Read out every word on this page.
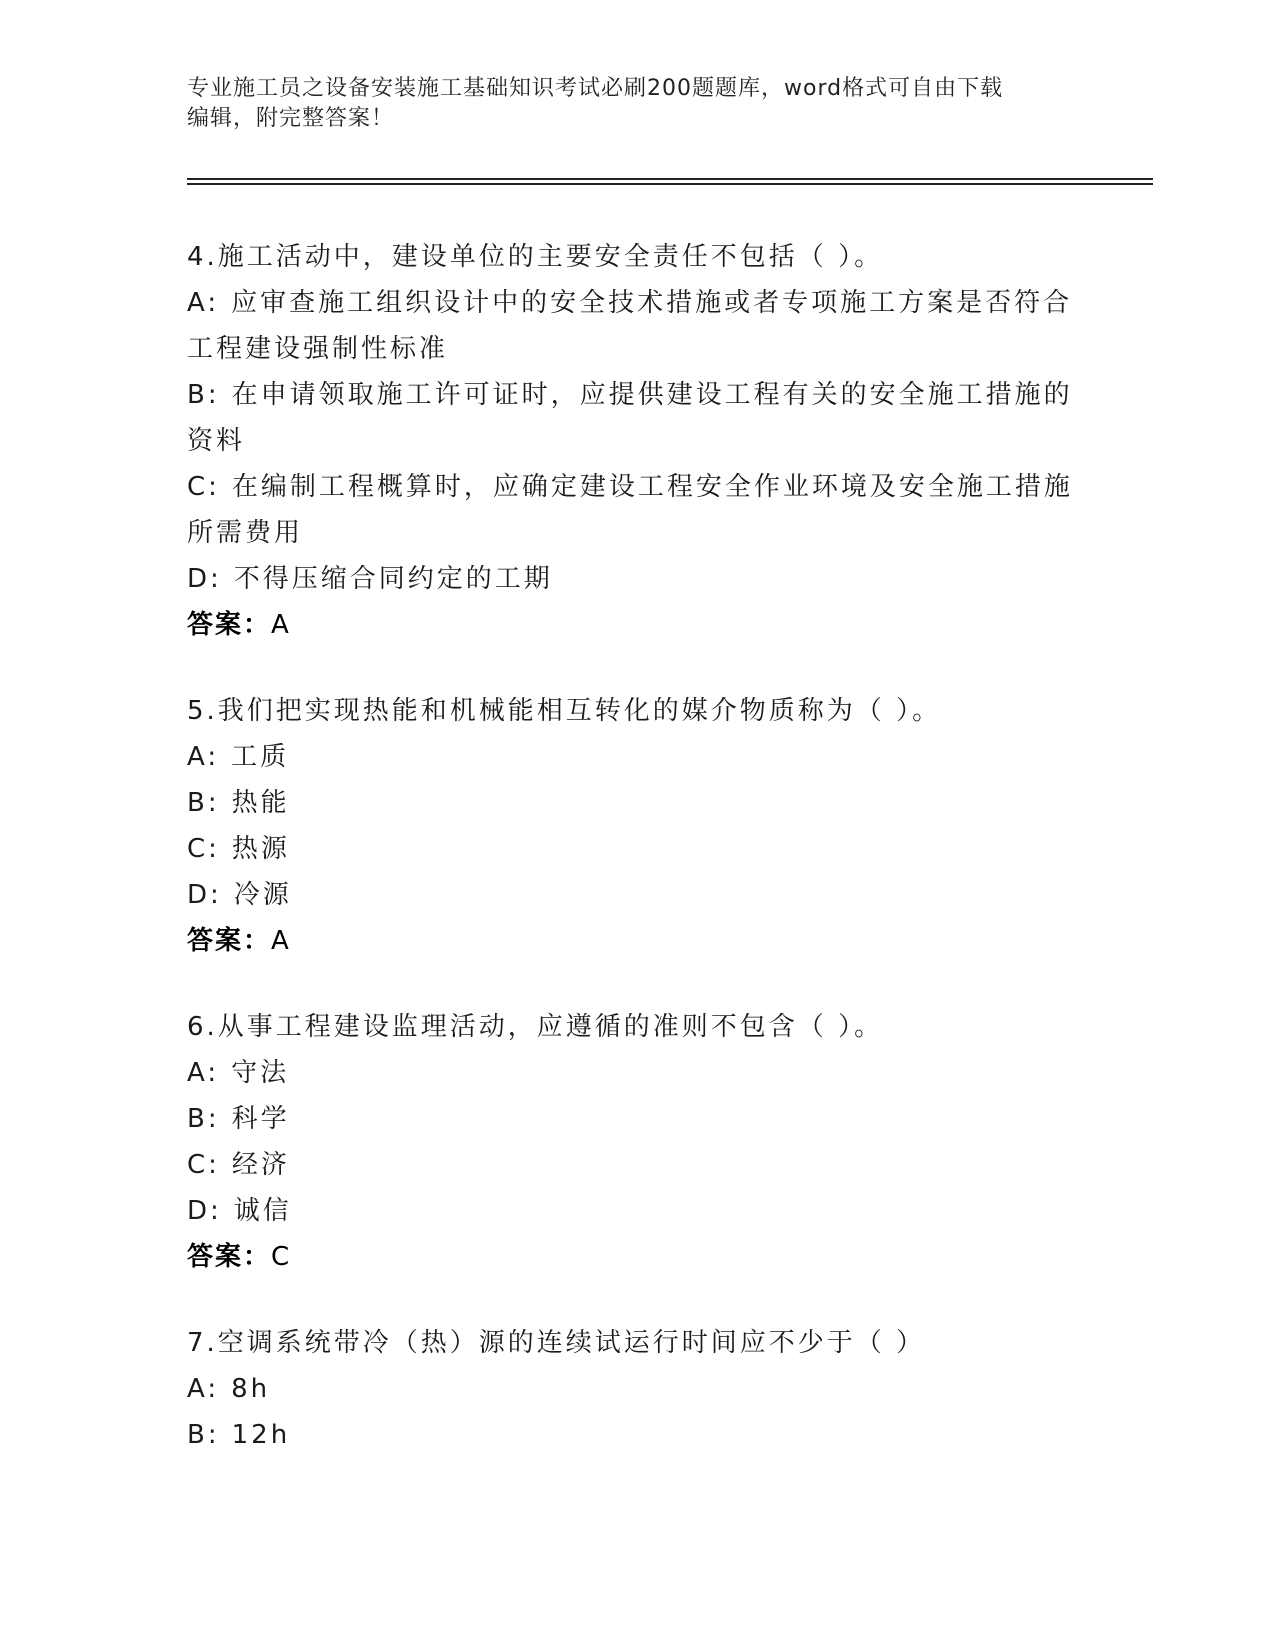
专业施工员之设备安装施工基础知识考试必刷200题题库，word格式可自由下载
编辑，附完整答案！
4.施工活动中，建设单位的主要安全责任不包括（ ）。
A: 应审查施工组织设计中的安全技术措施或者专项施工方案是否符合工程建设强制性标准
B: 在申请领取施工许可证时，应提供建设工程有关的安全施工措施的资料
C: 在编制工程概算时，应确定建设工程安全作业环境及安全施工措施所需费用
D: 不得压缩合同约定的工期
答案：A
5.我们把实现热能和机械能相互转化的媒介物质称为（ ）。
A: 工质
B: 热能
C: 热源
D: 冷源
答案：A
6.从事工程建设监理活动，应遵循的准则不包含（ ）。
A: 守法
B: 科学
C: 经济
D: 诚信
答案：C
7.空调系统带冷（热）源的连续试运行时间应不少于（ ）
A: 8h
B: 12h
